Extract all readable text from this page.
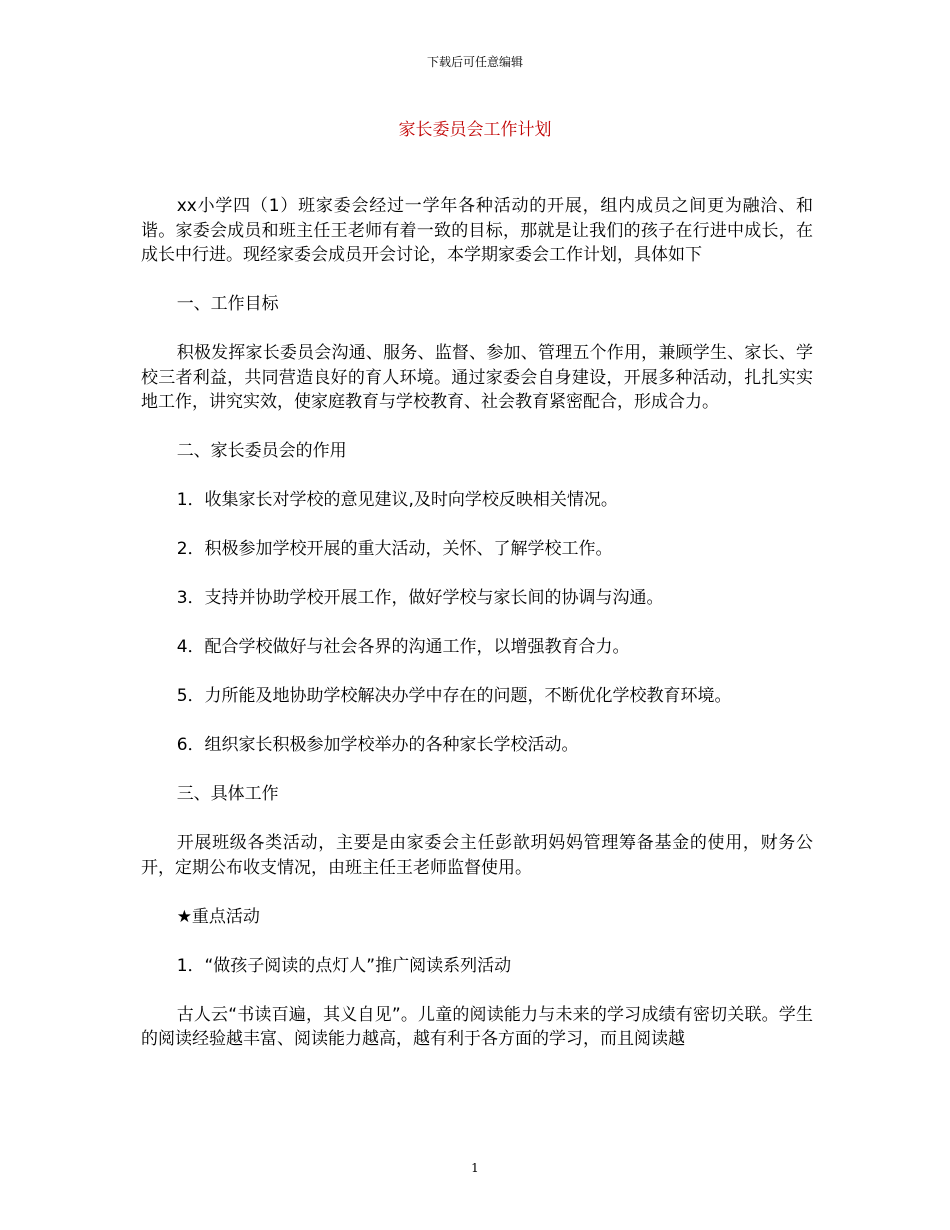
下载后可任意编辑
家长委员会工作计划

xx小学四（1）班家委会经过一学年各种活动的开展，组内成员之间更为融洽、和谐。家委会成员和班主任王老师有着一致的目标，那就是让我们的孩子在行进中成长，在成长中行进。现经家委会成员开会讨论，本学期家委会工作计划，具体如下

一、工作目标

积极发挥家长委员会沟通、服务、监督、参加、管理五个作用，兼顾学生、家长、学校三者利益，共同营造良好的育人环境。通过家委会自身建设，开展多种活动，扎扎实实地工作，讲究实效，使家庭教育与学校教育、社会教育紧密配合，形成合力。

二、家长委员会的作用

1．收集家长对学校的意见建议,及时向学校反映相关情况。

2．积极参加学校开展的重大活动，关怀、了解学校工作。

3．支持并协助学校开展工作，做好学校与家长间的协调与沟通。

4．配合学校做好与社会各界的沟通工作，以增强教育合力。

5．力所能及地协助学校解决办学中存在的问题，不断优化学校教育环境。

6．组织家长积极参加学校举办的各种家长学校活动。

三、具体工作

开展班级各类活动，主要是由家委会主任彭歆玥妈妈管理筹备基金的使用，财务公开，定期公布收支情况，由班主任王老师监督使用。

★重点活动

1．“做孩子阅读的点灯人”推广阅读系列活动

古人云“书读百遍，其义自见”。儿童的阅读能力与未来的学习成绩有密切关联。学生的阅读经验越丰富、阅读能力越高，越有利于各方面的学习，而且阅读越

1
